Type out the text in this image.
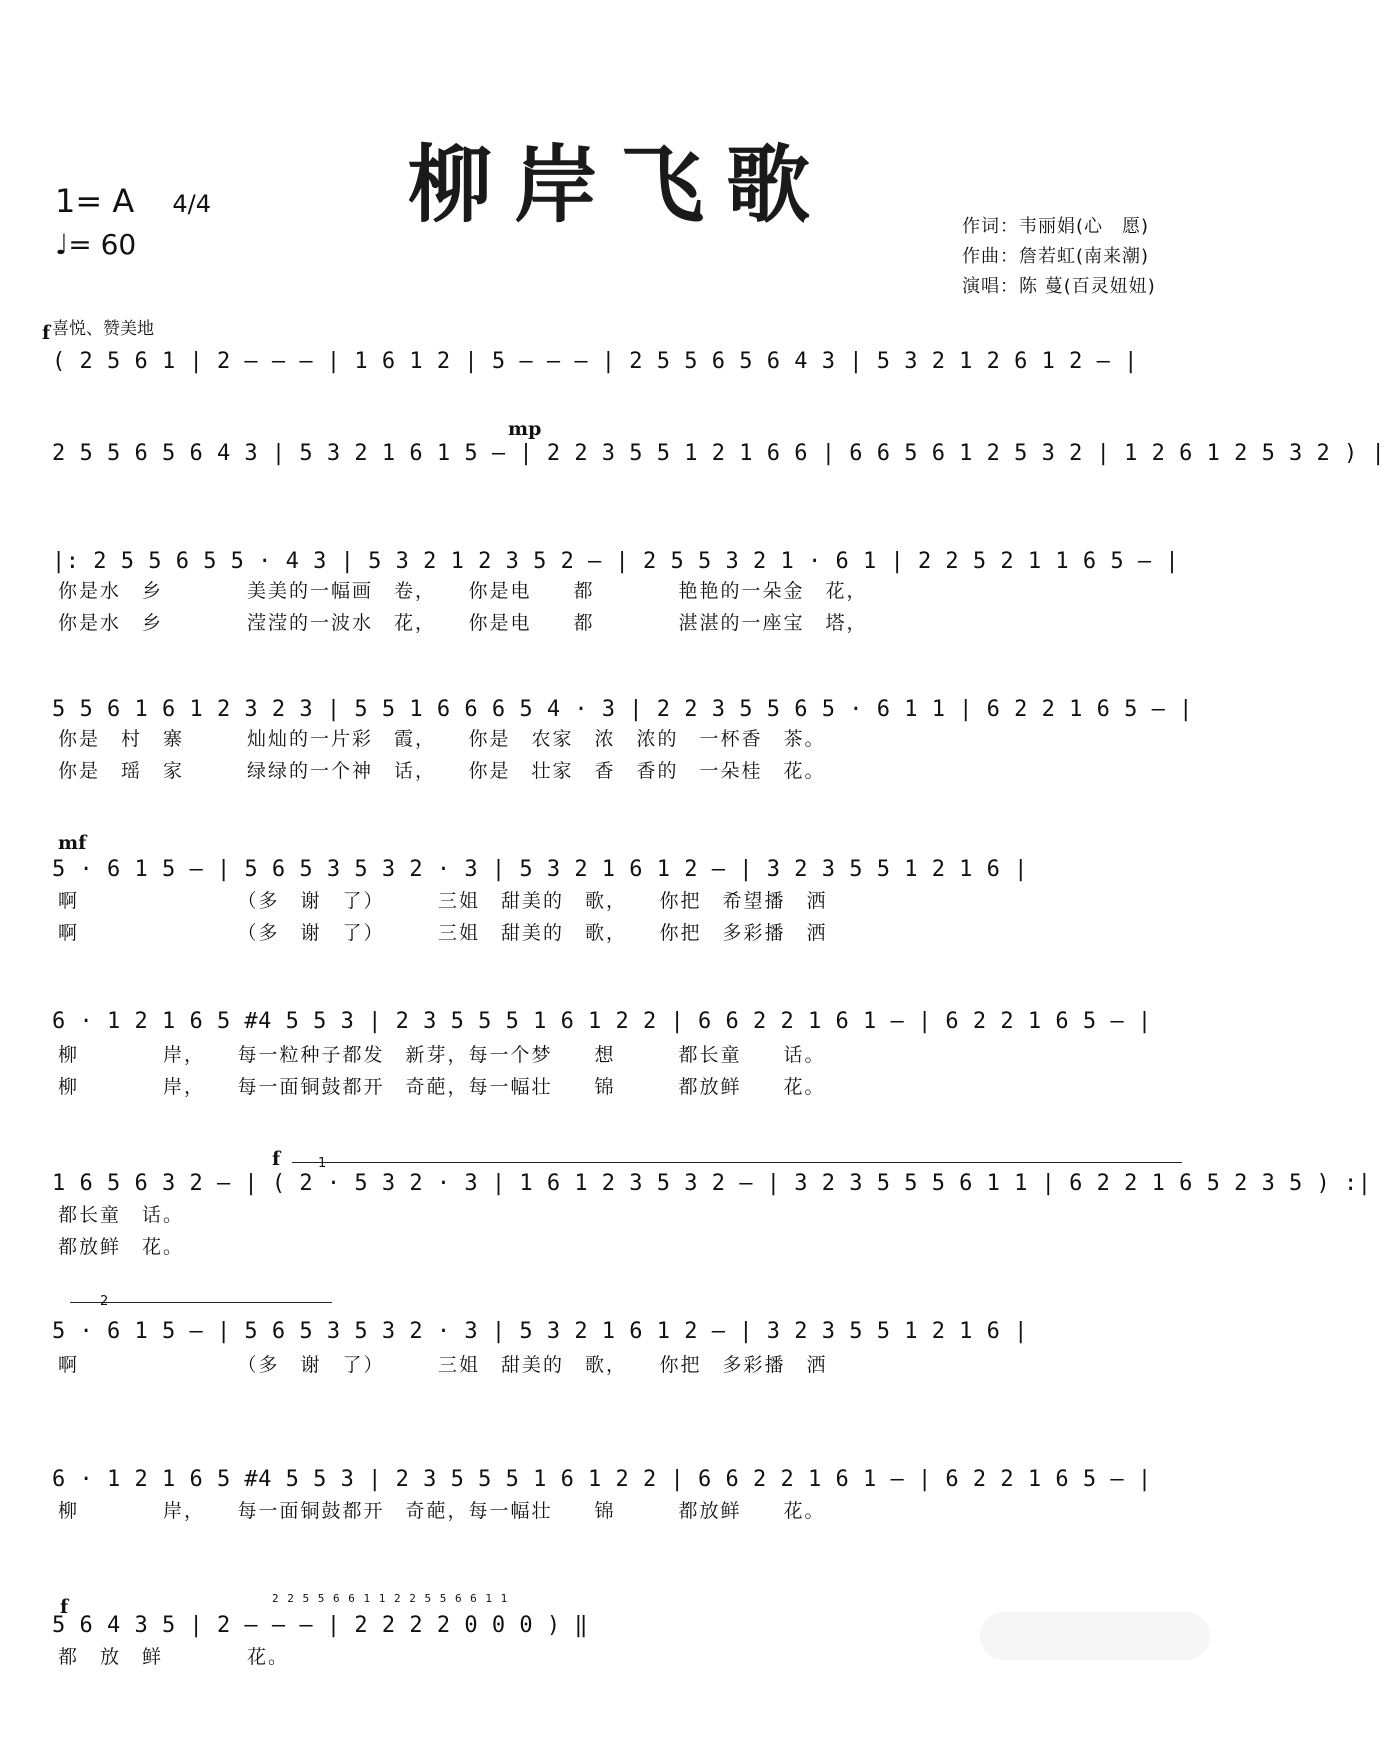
柳岸飞歌
1= A 4/4
♩= 60
作词：韦丽娟(心　愿)
作曲：詹若虹(南来潮)
演唱：陈 蔓(百灵妞妞)
f 喜悦、赞美地
mp
mf
f
f
1
2
( 2 5 6 1 | 2 — — — | 1 6 1 2 | 5 — — — | 2 5 5 6 5 6 4 3 | 5 3 2 1 2 6 1 2 — |
2 5 5 6 5 6 4 3 | 5 3 2 1 6 1 5 — | 2 2 3 5 5 1 2 1 6 6 | 6 6 5 6 1 2 5 3 2 | 1 2 6 1 2 5 3 2 ) |
|: 2 5 5 6 5 5 · 4 3 | 5 3 2 1 2 3 5 2 — | 2 5 5 3 2 1 · 6 1 | 2 2 5 2 1 1 6 5 — |
5 5 6 1 6 1 2 3 2 3 | 5 5 1 6 6 6 5 4 · 3 | 2 2 3 5 5 6 5 · 6 1 1 | 6 2 2 1 6 5 — |
5 · 6 1 5 — | 5 6 5 3 5 3 2 · 3 | 5 3 2 1 6 1 2 — | 3 2 3 5 5 1 2 1 6 |
6 · 1 2 1 6 5 #4 5 5 3 | 2 3 5 5 5 1 6 1 2 2 | 6 6 2 2 1 6 1 — | 6 2 2 1 6 5 — |
1 6 5 6 3 2 — | ( 2 · 5 3 2 · 3 | 1 6 1 2 3 5 3 2 — | 3 2 3 5 5 5 6 1 1 | 6 2 2 1 6 5 2 3 5 ) :|
5 · 6 1 5 — | 5 6 5 3 5 3 2 · 3 | 5 3 2 1 6 1 2 — | 3 2 3 5 5 1 2 1 6 |
6 · 1 2 1 6 5 #4 5 5 3 | 2 3 5 5 5 1 6 1 2 2 | 6 6 2 2 1 6 1 — | 6 2 2 1 6 5 — |
5 6 4 3 5 | 2 — — — | 2 2 2 2 0 0 0 ) ‖
2 2 5 5 6 6 1 1 2 2 5 5 6 6 1 1
你是水　乡　　　　美美的一幅画　卷，　　你是电　　都　　　　艳艳的一朵金　花，
你是水　乡　　　　滢滢的一波水　花，　　你是电　　都　　　　湛湛的一座宝　塔，
你是　村　寨　　　灿灿的一片彩　霞，　　你是　农家　浓　浓的　一杯香　茶。
你是　瑶　家　　　绿绿的一个神　话，　　你是　壮家　香　香的　一朵桂　花。
啊　　　　　　　　（多　谢　了）　　　三姐　甜美的　歌，　　你把　希望播　洒
啊　　　　　　　　（多　谢　了）　　　三姐　甜美的　歌，　　你把　多彩播　洒
柳　　　　岸，　　每一粒种子都发　新芽，每一个梦　　想　　　都长童　　话。
柳　　　　岸，　　每一面铜鼓都开　奇葩，每一幅壮　　锦　　　都放鲜　　花。
都长童　话。
都放鲜　花。
啊　　　　　　　　（多　谢　了）　　　三姐　甜美的　歌，　　你把　多彩播　洒
柳　　　　岸，　　每一面铜鼓都开　奇葩，每一幅壮　　锦　　　都放鲜　　花。
都　放　鲜　　　　花。
